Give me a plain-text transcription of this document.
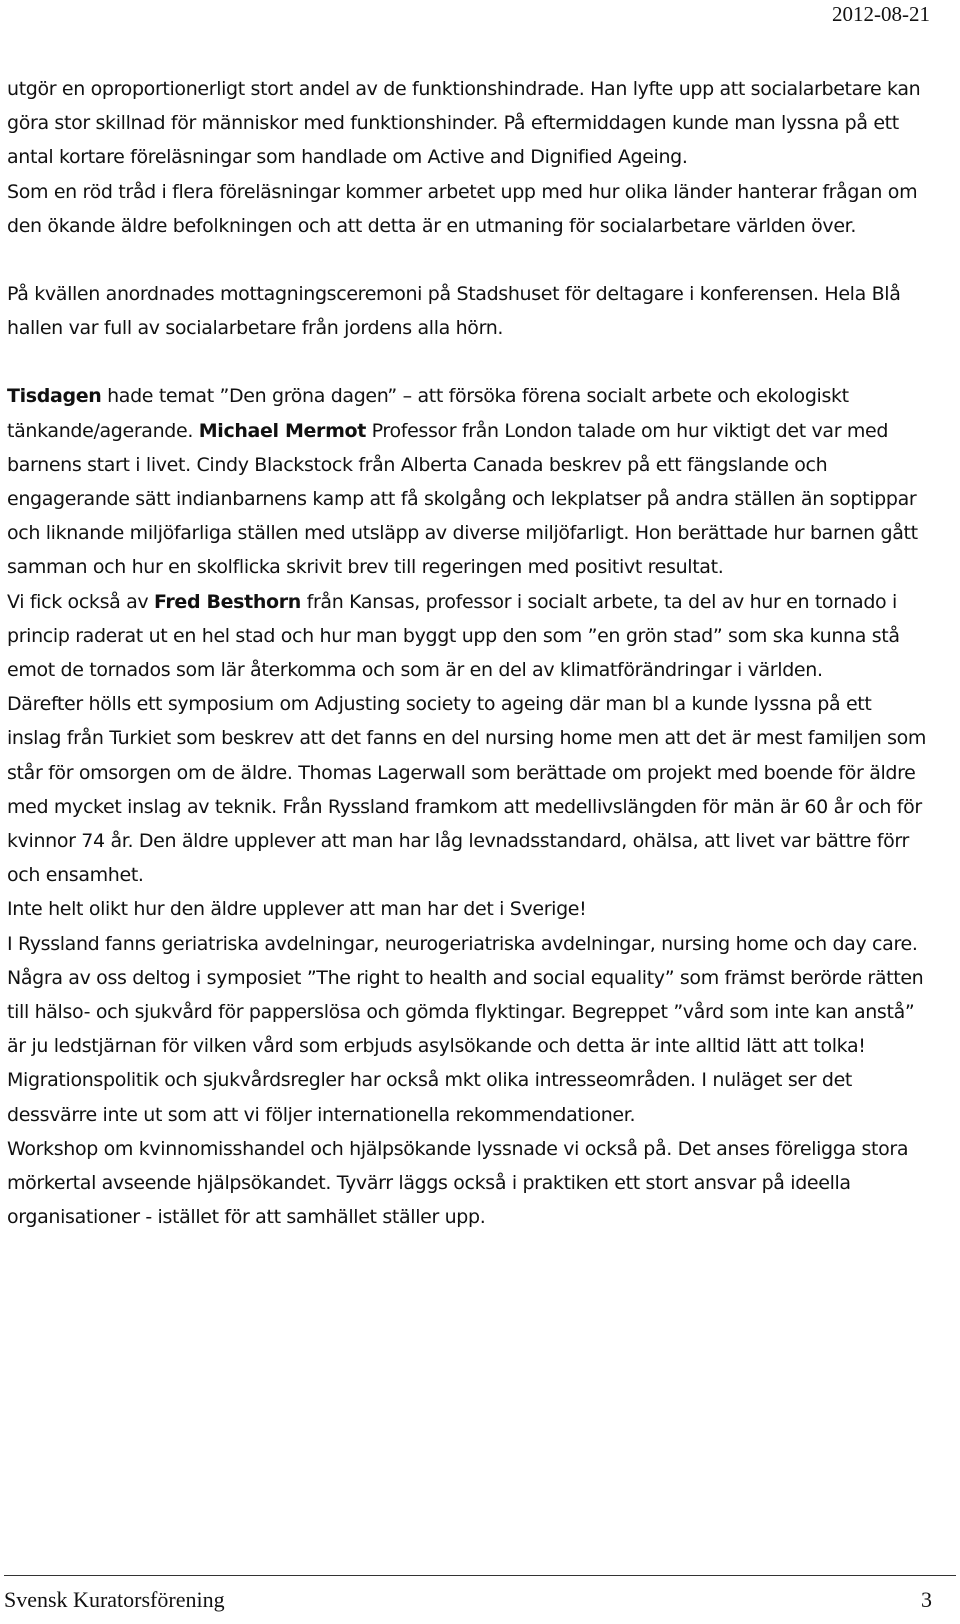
2012-08-21

utgör en oproportionerligt stort andel av de funktionshindrade. Han lyfte upp att socialarbetare kan göra stor skillnad för människor med funktionshinder. På eftermiddagen kunde man lyssna på ett antal kortare föreläsningar som handlade om Active and Dignified Ageing.

Som en röd tråd i flera föreläsningar kommer arbetet upp med hur olika länder hanterar frågan om den ökande äldre befolkningen och att detta är en utmaning för socialarbetare världen över.

På kvällen anordnades mottagningsceremoni på Stadshuset för deltagare i konferensen. Hela Blå hallen var full av socialarbetare från jordens alla hörn.

Tisdagen hade temat ”Den gröna dagen” – att försöka förena socialt arbete och ekologiskt tänkande/agerande. Michael Mermot Professor från London talade om hur viktigt det var med barnens start i livet. Cindy Blackstock från Alberta Canada beskrev på ett fängslande och engagerande sätt indianbarnens kamp att få skolgång och lekplatser på andra ställen än soptippar och liknande miljöfarliga ställen med utsläpp av diverse miljöfarligt. Hon berättade hur barnen gått samman och hur en skolflicka skrivit brev till regeringen med positivt resultat.
Vi fick också av Fred Besthorn från Kansas, professor i socialt arbete, ta del av hur en tornado i princip raderat ut en hel stad och hur man byggt upp den som ”en grön stad” som ska kunna stå emot de tornados som lär återkomma och som är en del av klimatförändringar i världen.

Därefter hölls ett symposium om Adjusting society to ageing där man bl a kunde lyssna på ett inslag från Turkiet som beskrev att det fanns en del nursing home men att det är mest familjen som står för omsorgen om de äldre. Thomas Lagerwall som berättade om projekt med boende för äldre med mycket inslag av teknik. Från Ryssland framkom att medellivslängden för män är 60 år och för kvinnor 74 år. Den äldre upplever att man har låg levnadsstandard, ohälsa, att livet var bättre förr och ensamhet.

Inte helt olikt hur den äldre upplever att man har det i Sverige!

I Ryssland fanns geriatriska avdelningar, neurogeriatriska avdelningar, nursing home och day care.

Några av oss deltog i symposiet ”The right to health and social equality” som främst berörde rätten till hälso- och sjukvård för papperslösa och gömda flyktingar. Begreppet ”vård som inte kan anstå” är ju ledstjärnan för vilken vård som erbjuds asylsökande och detta är inte alltid lätt att tolka! Migrationspolitik och sjukvårdsregler har också mkt olika intresseområden. I nuläget ser det dessvärre inte ut som att vi följer internationella rekommendationer.

Workshop om kvinnomisshandel och hjälpsökande lyssnade vi också på. Det anses föreligga stora mörkertal avseende hjälpsökandet. Tyvärr läggs också i praktiken ett stort ansvar på ideella organisationer - istället för att samhället ställer upp.

Svensk Kuratorsförening	3
